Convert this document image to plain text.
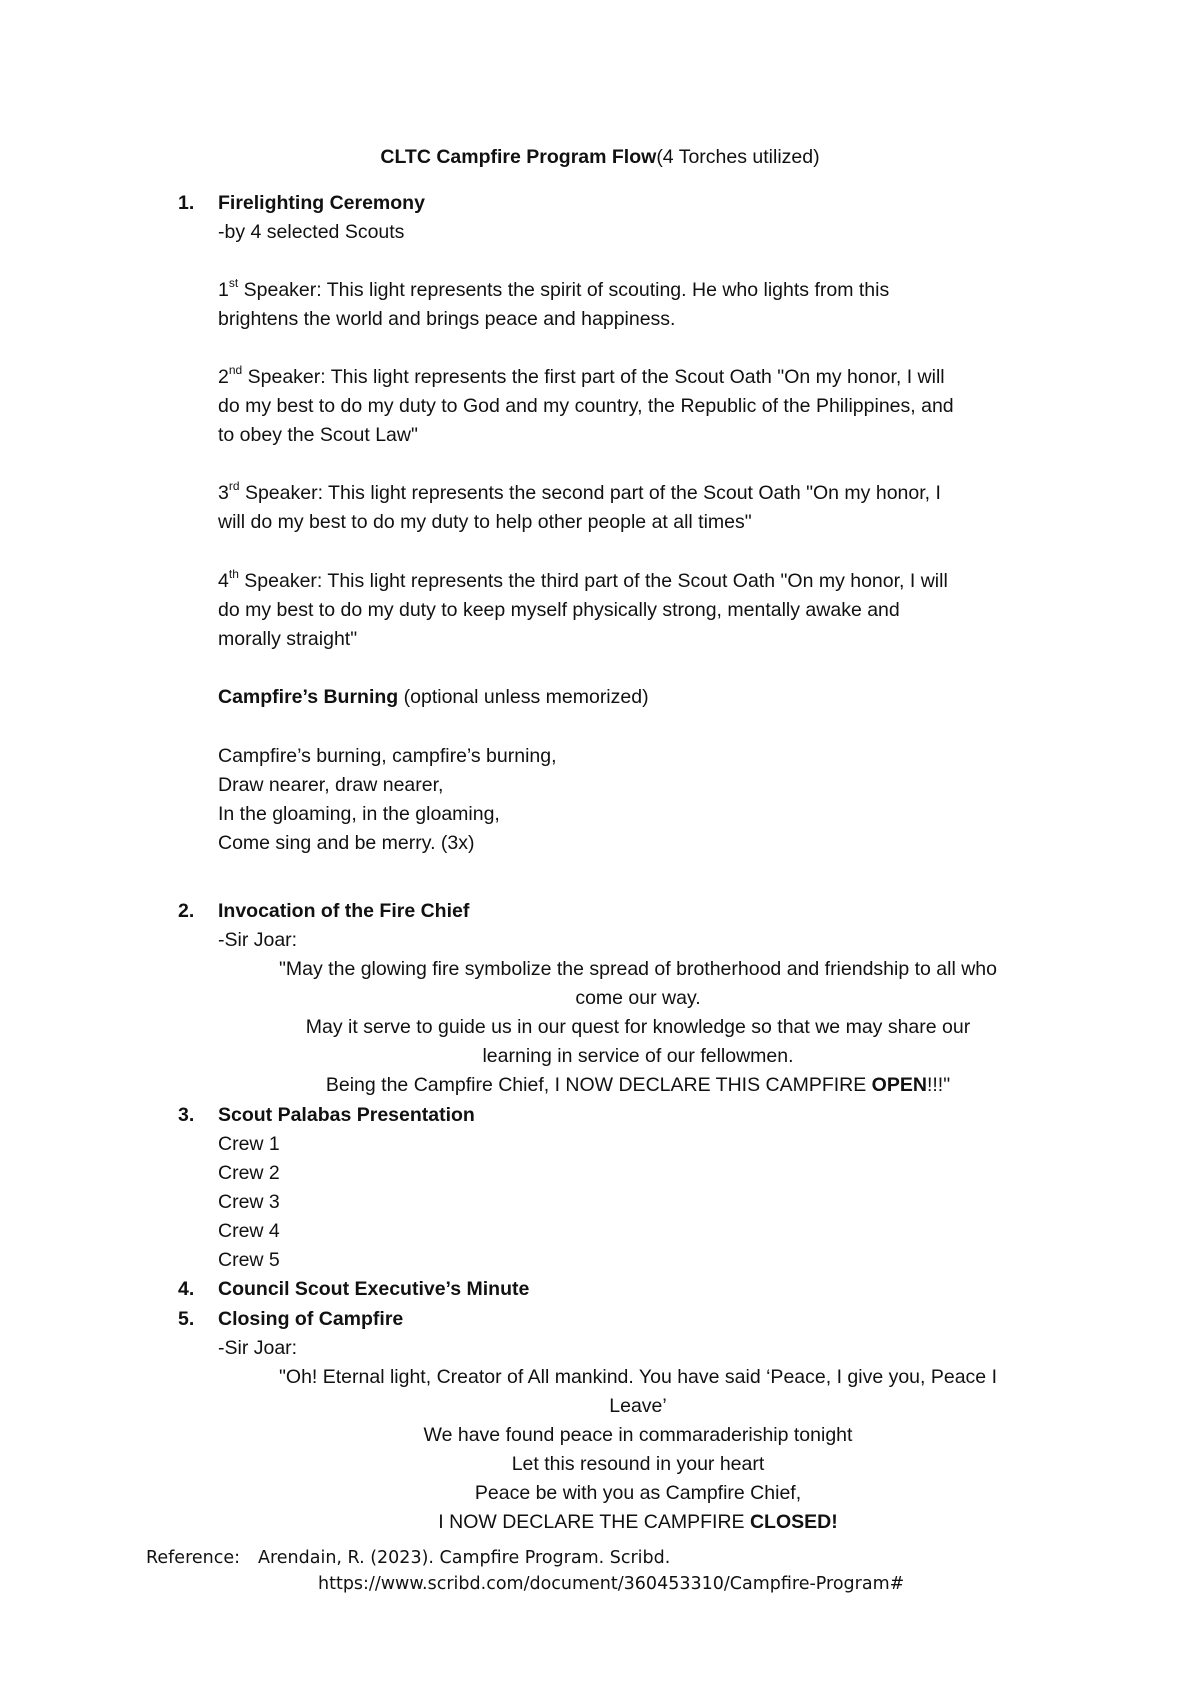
CLTC Campfire Program Flow(4 Torches utilized)
1. Firelighting Ceremony
-by 4 selected Scouts
1st Speaker: This light represents the spirit of scouting. He who lights from this
brightens the world and brings peace and happiness.
2nd Speaker: This light represents the first part of the Scout Oath "On my honor, I will
do my best to do my duty to God and my country, the Republic of the Philippines, and
to obey the Scout Law"
3rd Speaker: This light represents the second part of the Scout Oath "On my honor, I
will do my best to do my duty to help other people at all times"
4th Speaker: This light represents the third part of the Scout Oath "On my honor, I will
do my best to do my duty to keep myself physically strong, mentally awake and
morally straight"
Campfire’s Burning (optional unless memorized)
Campfire’s burning, campfire’s burning,
Draw nearer, draw nearer,
In the gloaming, in the gloaming,
Come sing and be merry. (3x)
2. Invocation of the Fire Chief
-Sir Joar:
"May the glowing fire symbolize the spread of brotherhood and friendship to all who
come our way.
May it serve to guide us in our quest for knowledge so that we may share our
learning in service of our fellowmen.
Being the Campfire Chief, I NOW DECLARE THIS CAMPFIRE OPEN!!!"
3. Scout Palabas Presentation
Crew 1
Crew 2
Crew 3
Crew 4
Crew 5
4. Council Scout Executive’s Minute
5. Closing of Campfire
-Sir Joar:
"Oh! Eternal light, Creator of All mankind. You have said ‘Peace, I give you, Peace I
Leave’
We have found peace in commaraderiship tonight
Let this resound in your heart
Peace be with you as Campfire Chief,
I NOW DECLARE THE CAMPFIRE CLOSED!
Reference: Arendain, R. (2023). Campfire Program. Scribd.
https://www.scribd.com/document/360453310/Campfire-Program#
